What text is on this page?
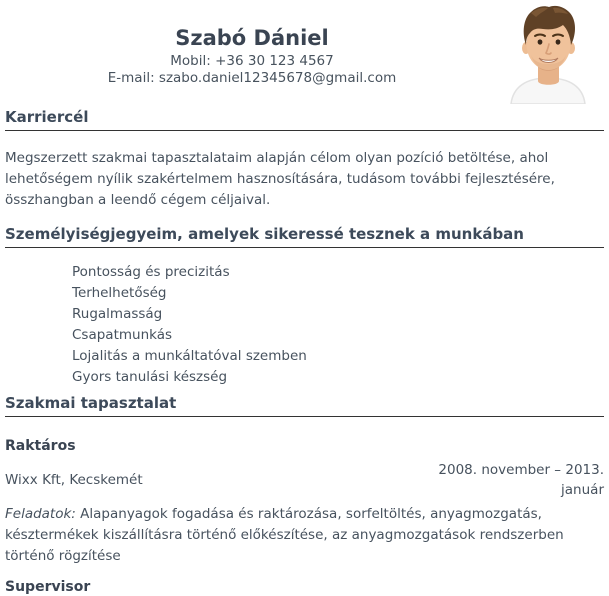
Szabó Dániel
Mobil: +36 30 123 4567
E-mail: szabo.daniel12345678@gmail.com
Karriercél

Megszerzett szakmai tapasztalataim alapján célom olyan pozíció betöltése, ahol lehetőségem nyílik szakértelmem hasznosítására, tudásom további fejlesztésére, összhangban a leendő cégem céljaival.

Személyiségjegyeim, amelyek sikeressé tesznek a munkában
Pontosság és precizitás
Terhelhetőség
Rugalmasság
Csapatmunkás
Lojalitás a munkáltatóval szemben
Gyors tanulási készség
Szakmai tapasztalat
Raktáros
Wixx Kft, Kecskemét
2008. november – 2013. január

Feladatok: Alapanyagok fogadása és raktározása, sorfeltöltés, anyagmozgatás, késztermékek kiszállításra történő előkészítése, az anyagmozgatások rendszerben történő rögzítése

Supervisor
